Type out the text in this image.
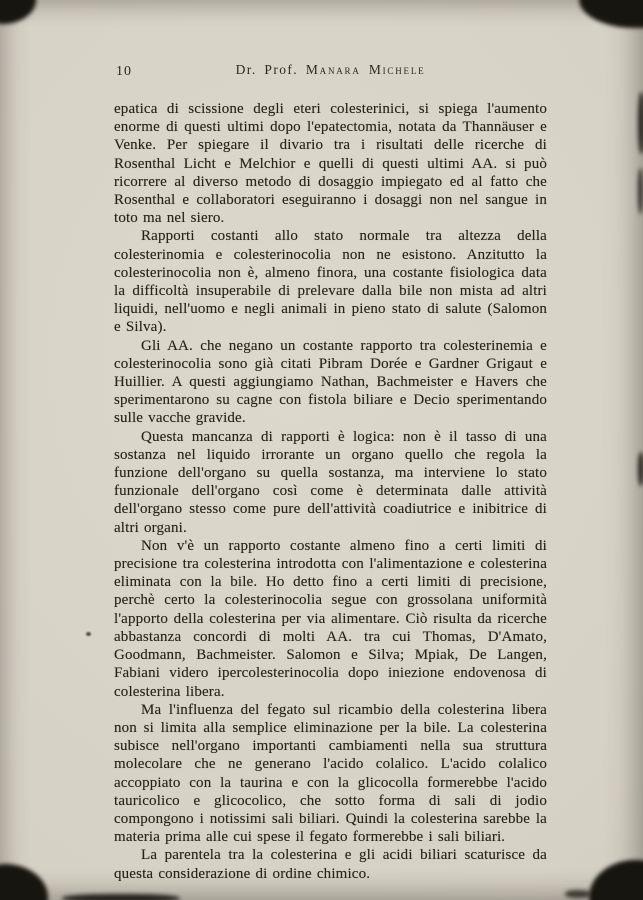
10	Dr. Prof. Manara Michele

epatica di scissione degli eteri colesterinici, si spiega l'aumento enorme di questi ultimi dopo l'epatectomia, notata da Thannäuser e Venke. Per spiegare il divario tra i risultati delle ricerche di Rosenthal Licht e Melchior e quelli di questi ultimi AA. si può ricorrere al diverso metodo di dosaggio impiegato ed al fatto che Rosenthal e collaboratori eseguiranno i dosaggi non nel sangue in toto ma nel siero.

Rapporti costanti allo stato normale tra altezza della colesterinomia e colesterinocolia non ne esistono. Anzitutto la colesterinocolia non è, almeno finora, una costante fisiologica data la difficoltà insuperabile di prelevare dalla bile non mista ad altri liquidi, nell'uomo e negli animali in pieno stato di salute (Salomon e Silva).

Gli AA. che negano un costante rapporto tra colesterinemia e colesterinocolia sono già citati Pibram Dorée e Gardner Grigaut e Huillier. A questi aggiungiamo Nathan, Bachmeister e Havers che sperimentarono su cagne con fistola biliare e Decio sperimentando sulle vacche gravide.

Questa mancanza di rapporti è logica: non è il tasso di una sostanza nel liquido irrorante un organo quello che regola la funzione dell'organo su quella sostanza, ma interviene lo stato funzionale dell'organo così come è determinata dalle attività dell'organo stesso come pure dell'attività coadiutrice e inibitrice di altri organi.

Non v'è un rapporto costante almeno fino a certi limiti di precisione tra colesterina introdotta con l'alimentazione e colesterina eliminata con la bile. Ho detto fino a certi limiti di precisione, perchè certo la colesterinocolia segue con grossolana uniformità l'apporto della colesterina per via alimentare. Ciò risulta da ricerche abbastanza concordi di molti AA. tra cui Thomas, D'Amato, Goodmann, Bachmeister. Salomon e Silva; Mpiak, De Langen, Fabiani videro ipercolesterinocolia dopo iniezione endovenosa di colesterina libera.

Ma l'influenza del fegato sul ricambio della colesterina libera non si limita alla semplice eliminazione per la bile. La colesterina subisce nell'organo importanti cambiamenti nella sua struttura molecolare che ne generano l'acido colalico. L'acido colalico accoppiato con la taurina e con la glicocolla formerebbe l'acido tauricolico e glicocolico, che sotto forma di sali di jodio compongono i notissimi sali biliari. Quindi la colesterina sarebbe la materia prima alle cui spese il fegato formerebbe i sali biliari.

La parentela tra la colesterina e gli acidi biliari scaturisce da questa considerazione di ordine chimico.
